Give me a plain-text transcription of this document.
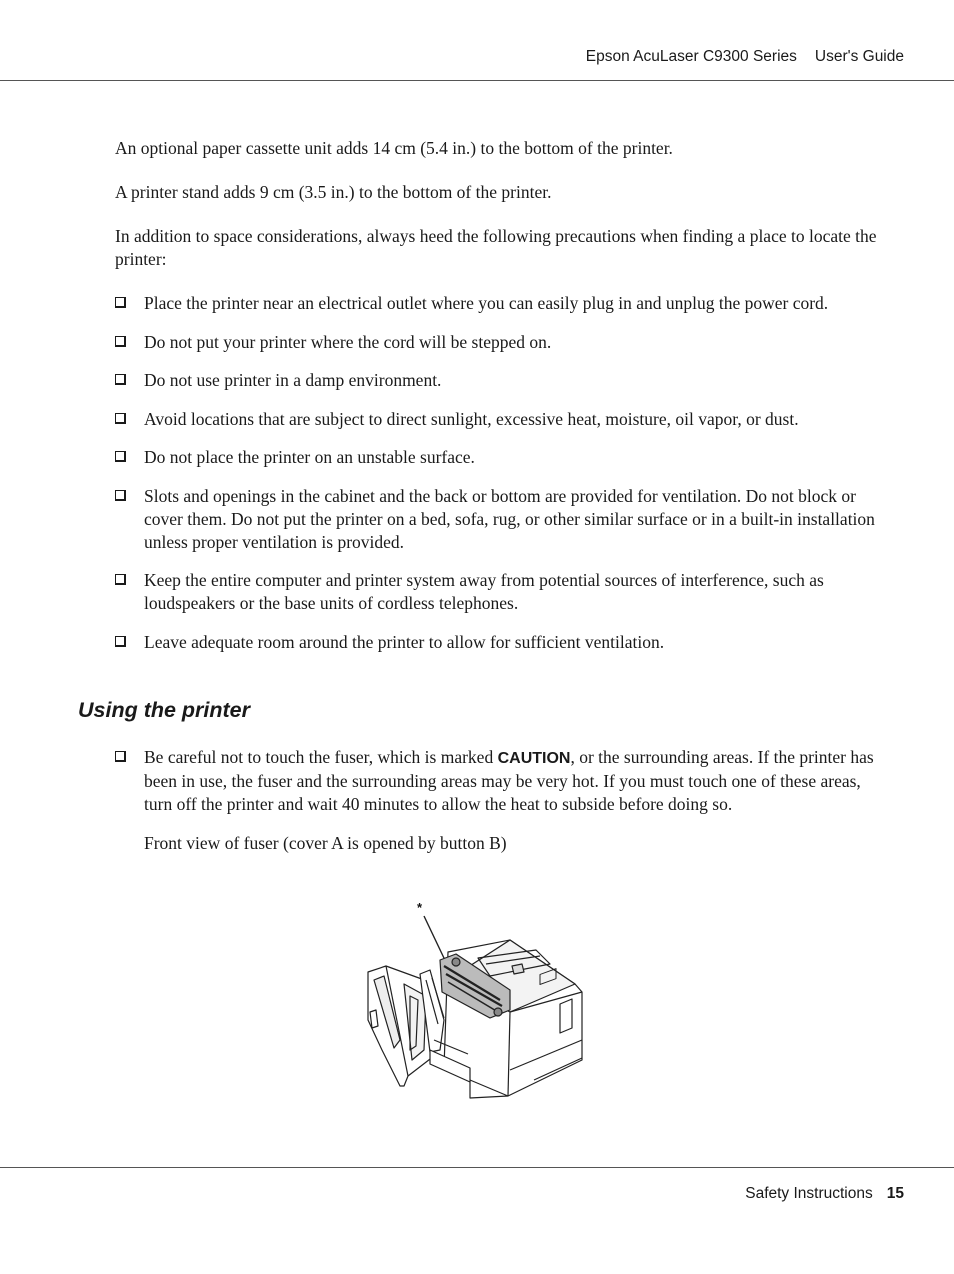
Epson AcuLaser C9300 Series User's Guide

An optional paper cassette unit adds 14 cm (5.4 in.) to the bottom of the printer.

A printer stand adds 9 cm (3.5 in.) to the bottom of the printer.

In addition to space considerations, always heed the following precautions when finding a place to locate the printer:

Place the printer near an electrical outlet where you can easily plug in and unplug the power cord.
Do not put your printer where the cord will be stepped on.
Do not use printer in a damp environment.
Avoid locations that are subject to direct sunlight, excessive heat, moisture, oil vapor, or dust.
Do not place the printer on an unstable surface.
Slots and openings in the cabinet and the back or bottom are provided for ventilation. Do not block or cover them. Do not put the printer on a bed, sofa, rug, or other similar surface or in a built-in installation unless proper ventilation is provided.
Keep the entire computer and printer system away from potential sources of interference, such as loudspeakers or the base units of cordless telephones.
Leave adequate room around the printer to allow for sufficient ventilation.
Using the printer
Be careful not to touch the fuser, which is marked CAUTION, or the surrounding areas. If the printer has been in use, the fuser and the surrounding areas may be very hot. If you must touch one of these areas, turn off the printer and wait 40 minutes to allow the heat to subside before doing so.

Front view of fuser (cover A is opened by button B)

*
Safety Instructions 15
